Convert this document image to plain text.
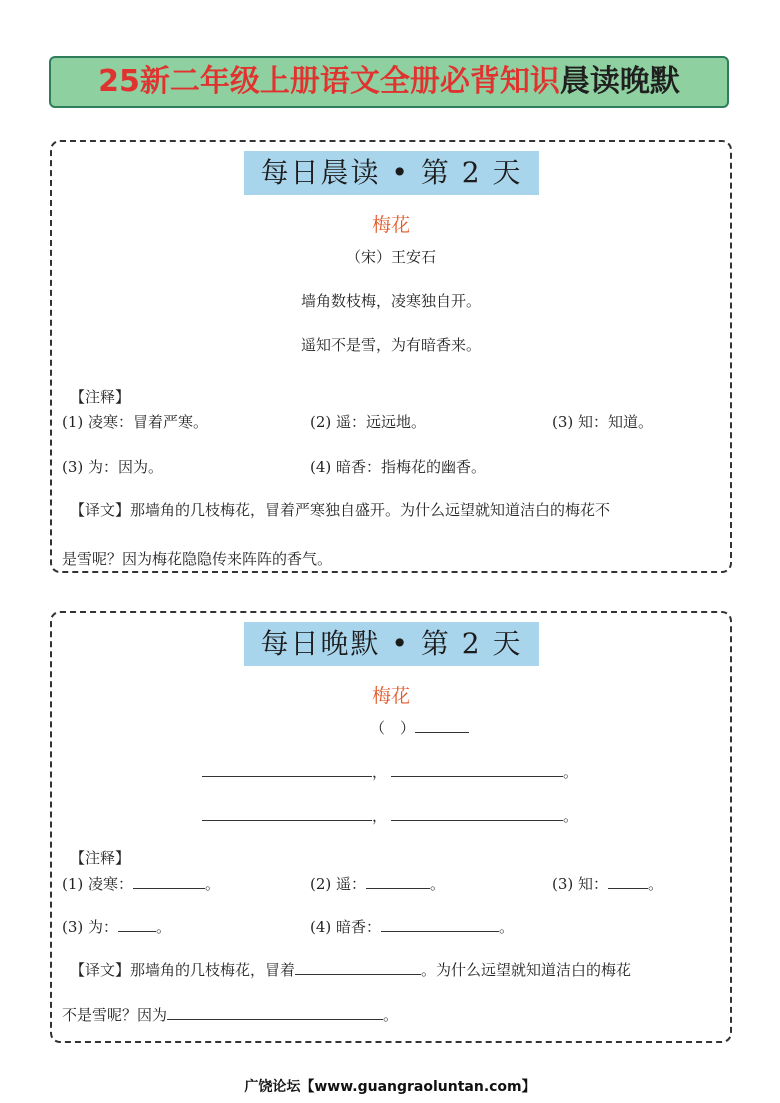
25新二年级上册语文全册必背知识晨读晚默
每日晨读 • 第 2 天
梅花
（宋）王安石
墙角数枝梅，凌寒独自开。
遥知不是雪，为有暗香来。
【注释】
(1) 凌寒：冒着严寒。	(2) 遥：远远地。	(3) 知：知道。
(3) 为：因为。	(4) 暗香：指梅花的幽香。
【译文】那墙角的几枝梅花，冒着严寒独自盛开。为什么远望就知道洁白的梅花不
是雪呢？因为梅花隐隐传来阵阵的香气。
每日晚默 • 第 2 天
梅花
（　）
，	。
，	。
【注释】
(1) 凌寒：	。	(2) 遥：	。	(3) 知：	。
(3) 为：	。	(4) 暗香：	。
【译文】那墙角的几枝梅花，冒着	。为什么远望就知道洁白的梅花
不是雪呢？因为	。
广饶论坛【www.guangraoluntan.com】
